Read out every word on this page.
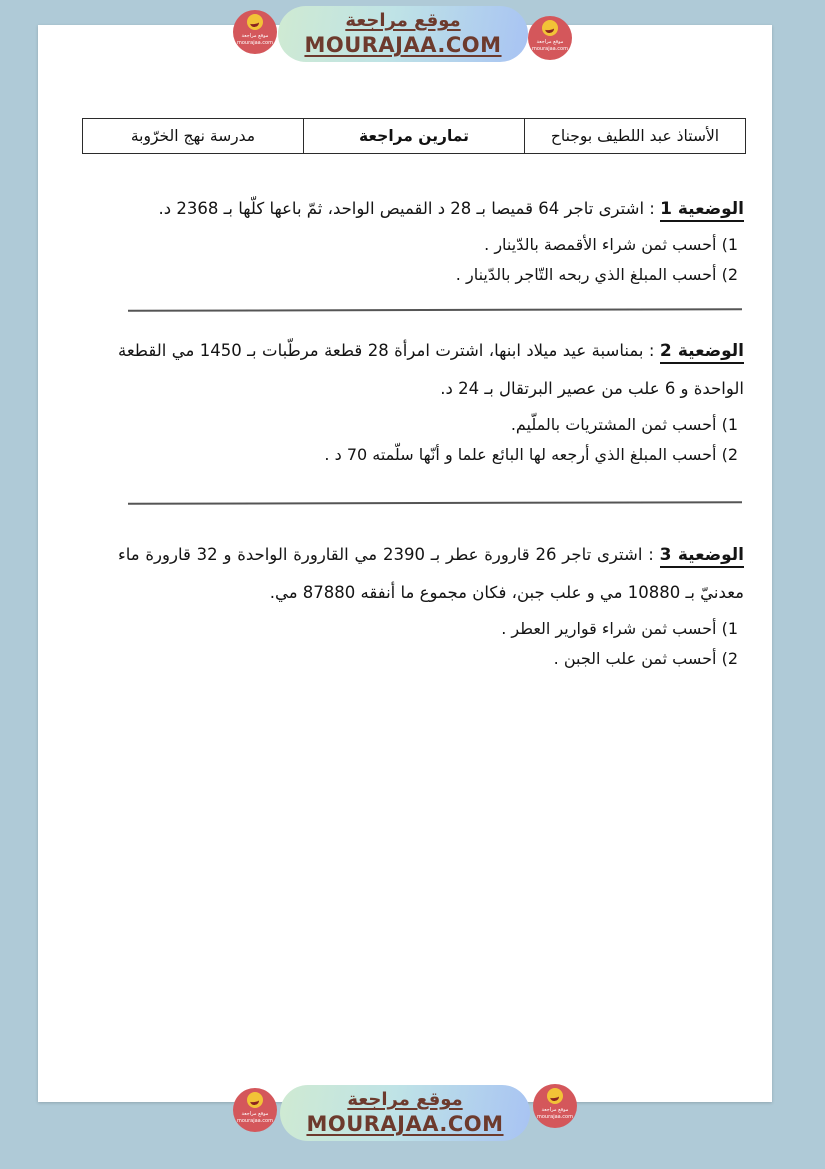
موقع مراجعة
MOURAJAA.COM
موقع مراجعة
mourajaa.com	موقع مراجعة
mourajaa.com
الأستاذ عبد اللطيف بوجناح
تمارين مراجعة
مدرسة نهج الخرّوبة

الوضعية 1 : اشترى تاجر 64 قميصا بـ 28 د القميص الواحد، ثمّ باعها كلّها بـ 2368 د.

1) أحسب ثمن شراء الأقمصة بالدّينار .

2) أحسب المبلغ الذي ربحه التّاجر بالدّينار .

الوضعية 2 : بمناسبة عيد ميلاد ابنها، اشترت امرأة 28 قطعة مرطّبات بـ 1450 مي القطعة الواحدة و 6 علب من عصير البرتقال بـ 24 د.

1) أحسب ثمن المشتريات بالملّيم.

2) أحسب المبلغ الذي أرجعه لها البائع علما و أنّها سلّمته 70 د .

الوضعية 3 : اشترى تاجر 26 قارورة عطر بـ 2390 مي القارورة الواحدة و 32 قارورة ماء معدنيّ بـ 10880 مي و علب جبن، فكان مجموع ما أنفقه 87880 مي.

1) أحسب ثمن شراء قوارير العطر .

2) أحسب ثمن علب الجبن .

موقع مراجعة
MOURAJAA.COM
موقع مراجعة
mourajaa.com
موقع مراجعة
mourajaa.com
